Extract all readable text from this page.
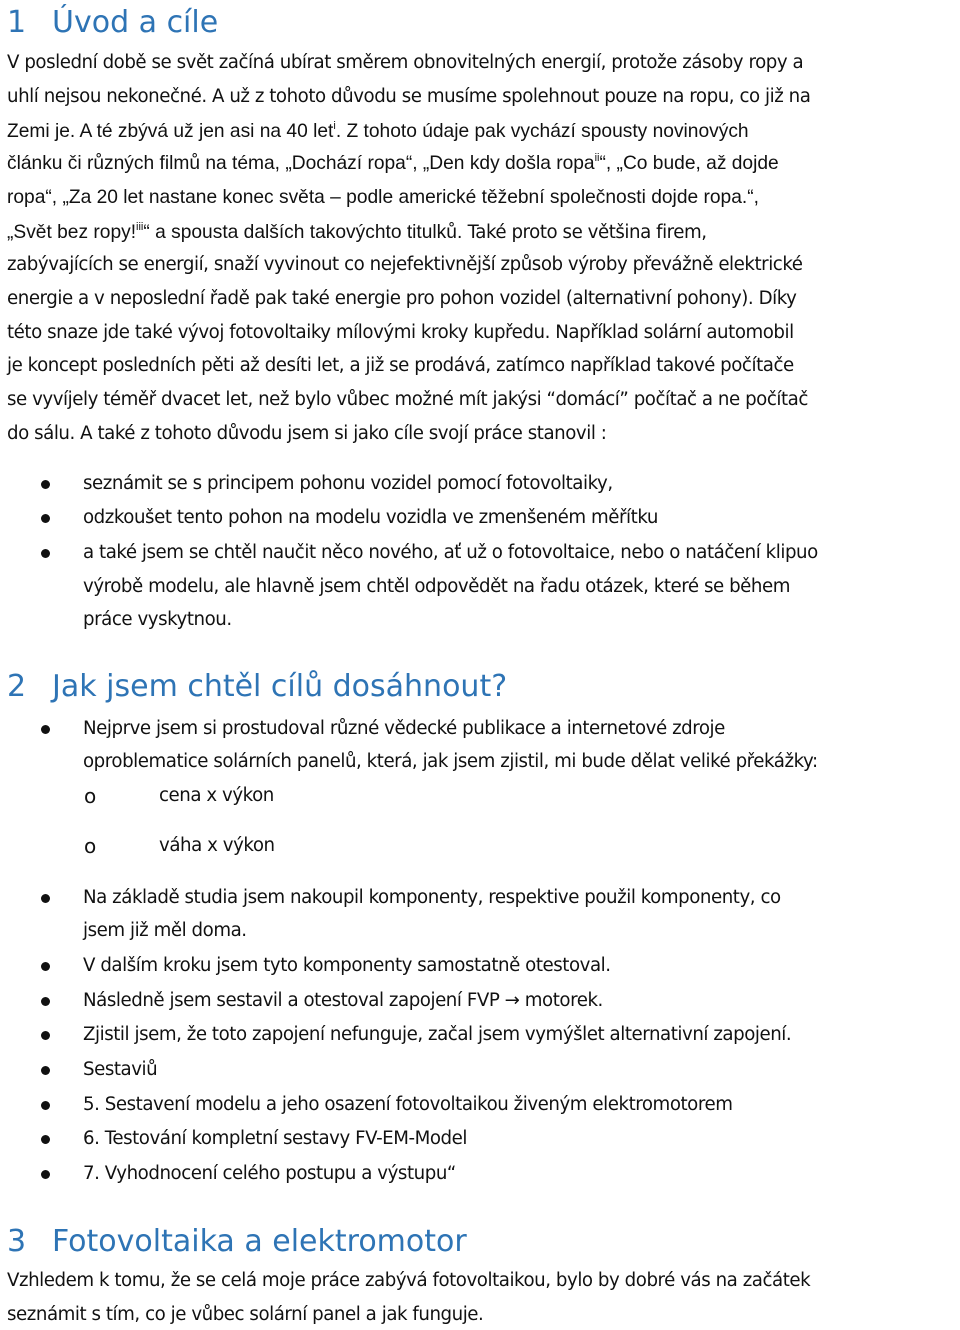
1 Úvod a cíle
V poslední době se svět začíná ubírat směrem obnovitelných energií, protože zásoby ropy a
uhlí nejsou nekonečné. A už z tohoto důvodu se musíme spolehnout pouze na ropu, co již na
Zemi je. A té zbývá už jen asi na 40 let$^i$. Z tohoto údaje pak vychází spousty novinových
článku či různých filmů na téma, „Dochází ropa“, „Den kdy došla ropa$^{ii}$“, „Co bude, až dojde
ropa“, „Za 20 let nastane konec světa – podle americké těžební společnosti dojde ropa.“,
„Svět bez ropy!$^{iii}$“ a spousta dalších takovýchto titulků. Také proto se většina firem,
zabývajících se energií, snaží vyvinout co nejefektivnější způsob výroby převážně elektrické
energie a v neposlední řadě pak také energie pro pohon vozidel (alternativní pohony). Díky
této snaze jde také vývoj fotovoltaiky mílovými kroky kupředu. Například solární automobil
je koncept posledních pěti až desíti let, a již se prodává, zatímco například takové počítače
se vyvíjely téměř dvacet let, než bylo vůbec možné mít jakýsi “domácí” počítač a ne počítač
do sálu. A také z tohoto důvodu jsem si jako cíle svojí práce stanovil :
seznámit se s principem pohonu vozidel pomocí fotovoltaiky,
odzkoušet tento pohon na modelu vozidla ve zmenšeném měřítku
a také jsem se chtěl naučit něco nového, ať už o fotovoltaice, nebo o natáčení klipuo
výrobě modelu, ale hlavně jsem chtěl odpovědět na řadu otázek, které se během
práce vyskytnou.
2 Jak jsem chtěl cílů dosáhnout?
Nejprve jsem si prostudoval různé vědecké publikace a internetové zdroje
oproblematice solárních panelů, která, jak jsem zjistil, mi bude dělat veliké překážky:
o	cena x výkon
o	váha x výkon
Na základě studia jsem nakoupil komponenty, respektive použil komponenty, co
jsem již měl doma.
V dalším kroku jsem tyto komponenty samostatně otestoval.
Následně jsem sestavil a otestoval zapojení FVP → motorek.
Zjistil jsem, že toto zapojení nefunguje, začal jsem vymýšlet alternativní zapojení.
Sestaviů
5. Sestavení modelu a jeho osazení fotovoltaikou živeným elektromotorem
6. Testování kompletní sestavy FV-EM-Model
7. Vyhodnocení celého postupu a výstupu“
3 Fotovoltaika a elektromotor
Vzhledem k tomu, že se celá moje práce zabývá fotovoltaikou, bylo by dobré vás na začátek
seznámit s tím, co je vůbec solární panel a jak funguje.
